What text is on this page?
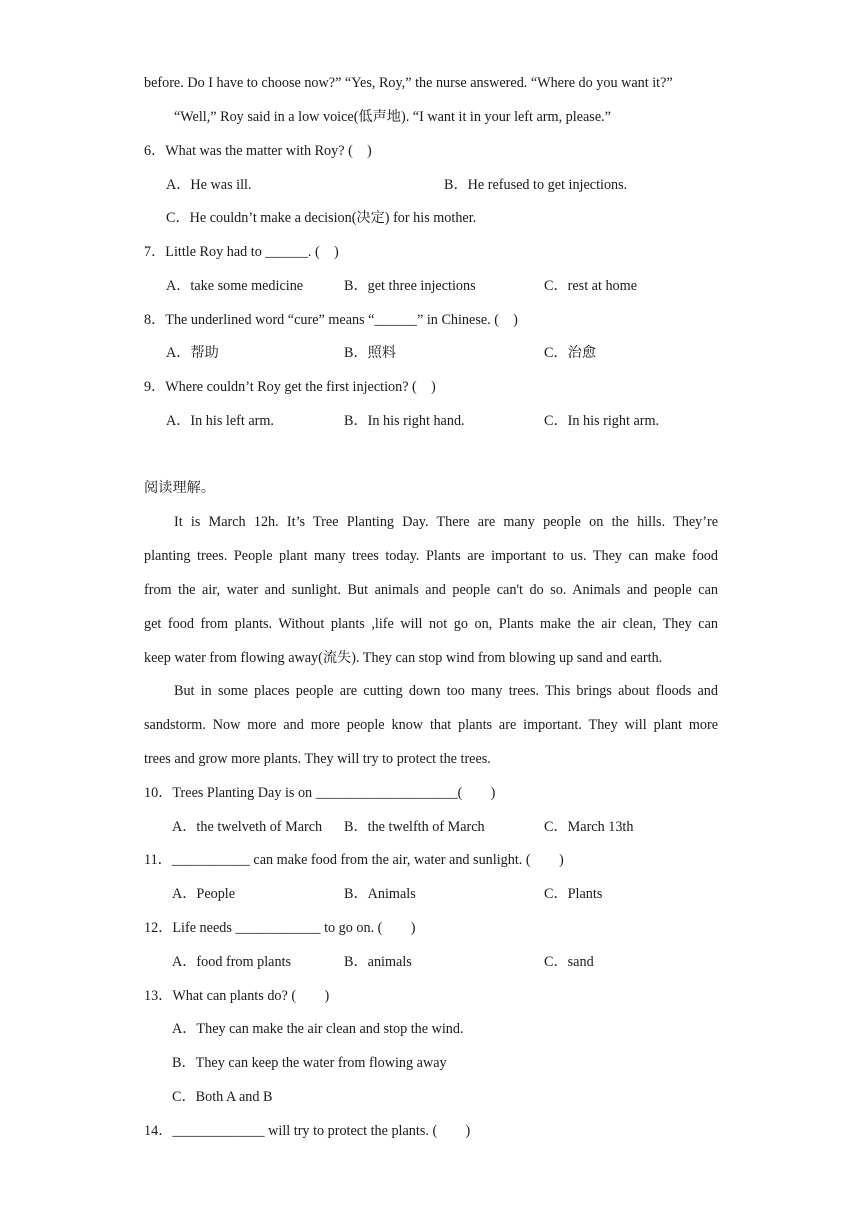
before. Do I have to choose now?” “Yes, Roy,” the nurse answered. “Where do you want it?”
“Well,” Roy said in a low voice(低声地). “I want it in your left arm, please.”
6．What was the matter with Roy? (　)
A．He was ill.	B．He refused to get injections.
C．He couldn’t make a decision(决定) for his mother.
7．Little Roy had to ______. (　)
A．take some medicine	B．get three injections	C．rest at home
8．The underlined word “cure” means “______” in Chinese. (　)
A．帮助	B．照料	C．治愈
9．Where couldn’t Roy get the first injection? (　)
A．In his left arm.	B．In his right hand.	C．In his right arm.
阅读理解。
It is March 12h. It’s Tree Planting Day. There are many people on the hills. They’re
planting trees. People plant many trees today. Plants are important to us. They can make food
from the air, water and sunlight. But animals and people can't do so. Animals and people can
get food from plants. Without plants ,life will not go on, Plants make the air clean, They can
keep water from flowing away(流失). They can stop wind from blowing up sand and earth.
But in some places people are cutting down too many trees. This brings about floods and
sandstorm. Now more and more people know that plants are important. They will plant more
trees and grow more plants. They will try to protect the trees.
10．Trees Planting Day is on ____________________(　　)
A．the twelveth of March B．the twelfth of March	C．March 13th
11．___________ can make food from the air, water and sunlight. (　　)
A．People	B．Animals	C．Plants
12．Life needs ____________ to go on. (　　)
A．food from plants	B．animals	C．sand
13．What can plants do? (　　)
A．They can make the air clean and stop the wind.
B．They can keep the water from flowing away
C．Both A and B
14．_____________ will try to protect the plants. (　　)
